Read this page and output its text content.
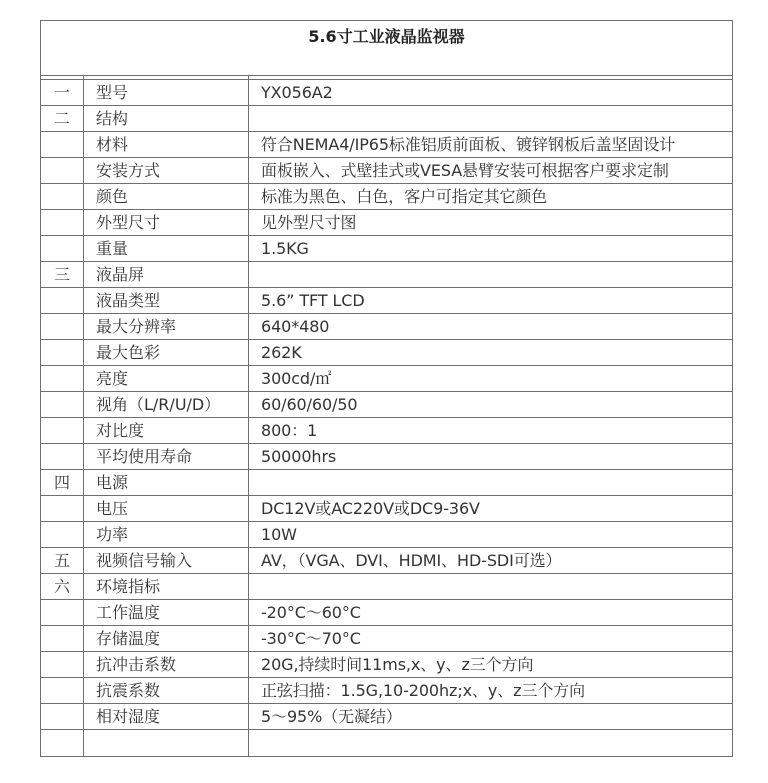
5.6寸工业液晶监视器		

一	型号	YX056A2
二	结构	
	材料	符合NEMA4/IP65标准铝质前面板、镀锌钢板后盖坚固设计
	安装方式	面板嵌入、式壁挂式或VESA悬臂安装可根据客户要求定制
	颜色	标准为黑色、白色，客户可指定其它颜色
	外型尺寸	见外型尺寸图
	重量	1.5KG
三	液晶屏	
	液晶类型	5.6” TFT LCD
	最大分辨率	640*480
	最大色彩	262K
	亮度	300cd/㎡
	视角（L/R/U/D）	60/60/60/50
	对比度	800：1
	平均使用寿命	50000hrs
四	电源	
	电压	DC12V或AC220V或DC9-36V
	功率	10W
五	视频信号输入	AV，（VGA、DVI、HDMI、HD-SDI可选）
六	环境指标	
	工作温度	-20°C～60°C
	存储温度	-30°C～70°C
	抗冲击系数	20G,持续时间11ms,x、y、z三个方向
	抗震系数	正弦扫描：1.5G,10-200hz;x、y、z三个方向
	相对湿度	5～95%（无凝结）
